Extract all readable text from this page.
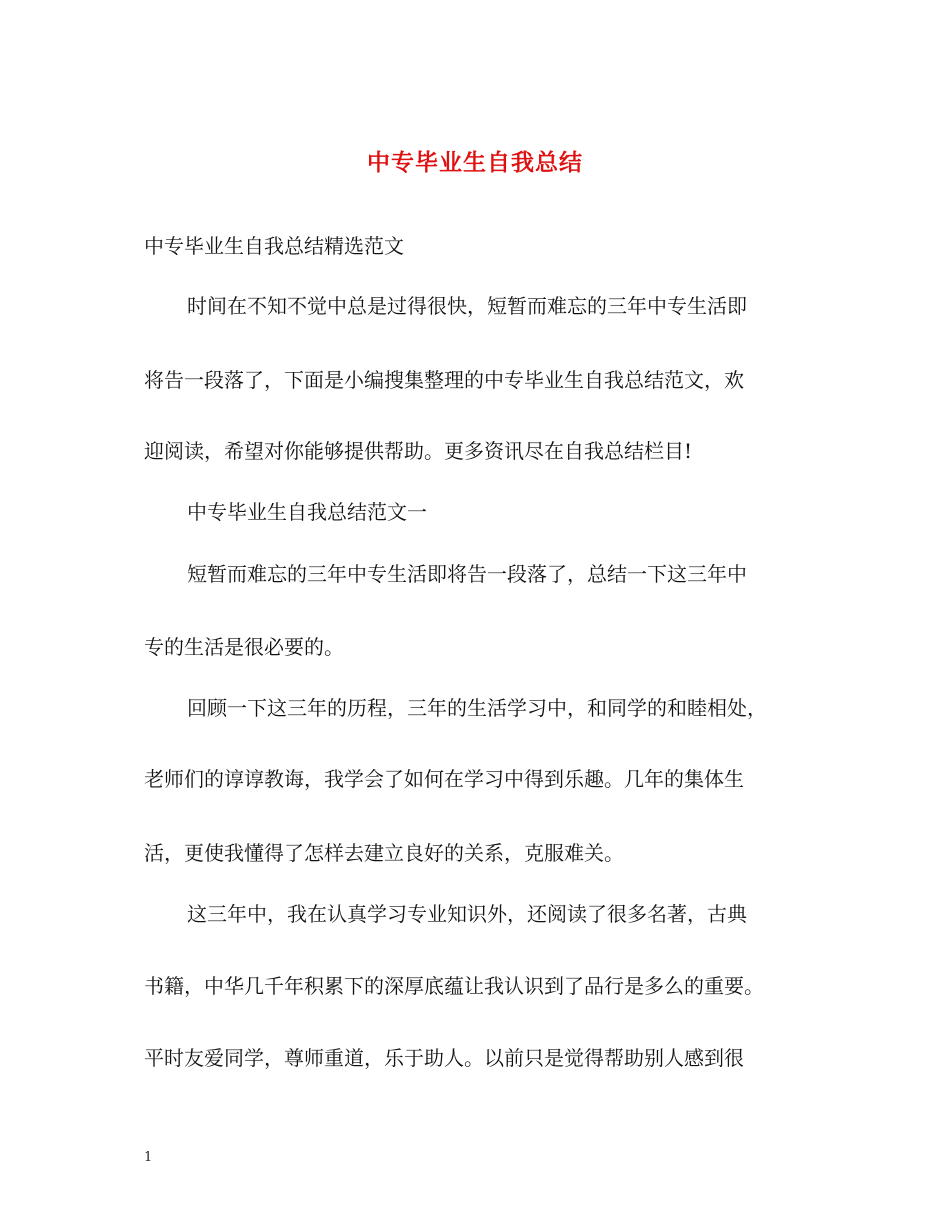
中专毕业生自我总结
中专毕业生自我总结精选范文
时间在不知不觉中总是过得很快，短暂而难忘的三年中专生活即
将告一段落了，下面是小编搜集整理的中专毕业生自我总结范文，欢
迎阅读，希望对你能够提供帮助。更多资讯尽在自我总结栏目!
中专毕业生自我总结范文一
短暂而难忘的三年中专生活即将告一段落了，总结一下这三年中
专的生活是很必要的。
回顾一下这三年的历程，三年的生活学习中，和同学的和睦相处，
老师们的谆谆教诲，我学会了如何在学习中得到乐趣。几年的集体生
活，更使我懂得了怎样去建立良好的关系，克服难关。
这三年中，我在认真学习专业知识外，还阅读了很多名著，古典
书籍，中华几千年积累下的深厚底蕴让我认识到了品行是多么的重要。
平时友爱同学，尊师重道，乐于助人。以前只是觉得帮助别人感到很
1
